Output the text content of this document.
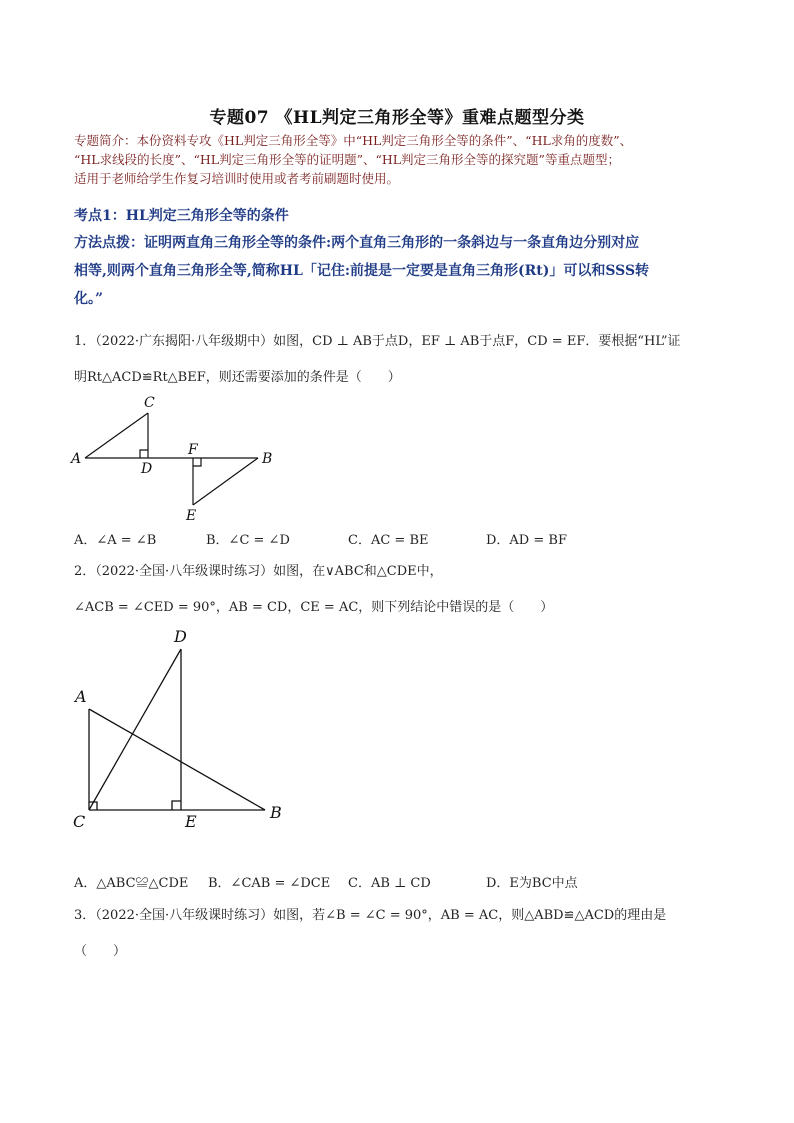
专题07 《HL判定三角形全等》重难点题型分类
专题简介：本份资料专攻《HL判定三角形全等》中“HL判定三角形全等的条件”、“HL求角的度数”、
“HL求线段的长度”、“HL判定三角形全等的证明题”、“HL判定三角形全等的探究题”等重点题型；
适用于老师给学生作复习培训时使用或者考前刷题时使用。
考点1：HL判定三角形全等的条件
方法点拨：证明两直角三角形全等的条件:两个直角三角形的一条斜边与一条直角边分别对应
相等,则两个直角三角形全等,简称HL「记住:前提是一定要是直角三角形(Rt)」可以和SSS转
化。”
1．（2022·广东揭阳·八年级期中）如图，CD ⊥ AB于点D，EF ⊥ AB于点F，CD = EF．要根据“HL”证
明Rt△ACD≌Rt△BEF，则还需要添加的条件是（　　）
A
C
D
F
B
E
A．∠A = ∠B	B．∠C = ∠D	C．AC = BE	D．AD = BF
2．（2022·全国·八年级课时练习）如图，在∨ABC和△CDE中，
∠ACB = ∠CED = 90°，AB = CD，CE = AC，则下列结论中错误的是（　　）
D
A
C	E	B
A．△ABC≌△CDE B．∠CAB = ∠DCE C．AB ⊥ CD	D．E为BC中点
3．（2022·全国·八年级课时练习）如图，若∠B = ∠C = 90°，AB = AC，则△ABD≌△ACD的理由是
（　　）
